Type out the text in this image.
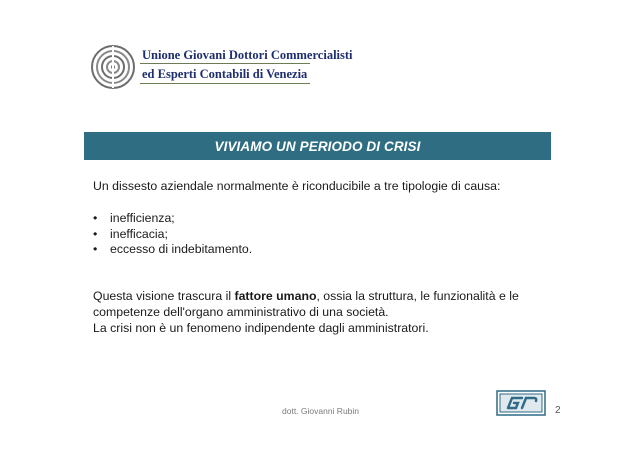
Unione Giovani Dottori Commercialisti
ed Esperti Contabili di Venezia
VIVIAMO UN PERIODO DI CRISI

Un dissesto aziendale normalmente è riconducibile a tre tipologie di causa:

• inefficienza;
• inefficacia;
• eccesso di indebitamento.

Questa visione trascura il fattore umano, ossia la struttura, le funzionalità e le competenze dell'organo amministrativo di una società.

La crisi non è un fenomeno indipendente dagli amministratori.

dott. Giovanni Rubin	2
